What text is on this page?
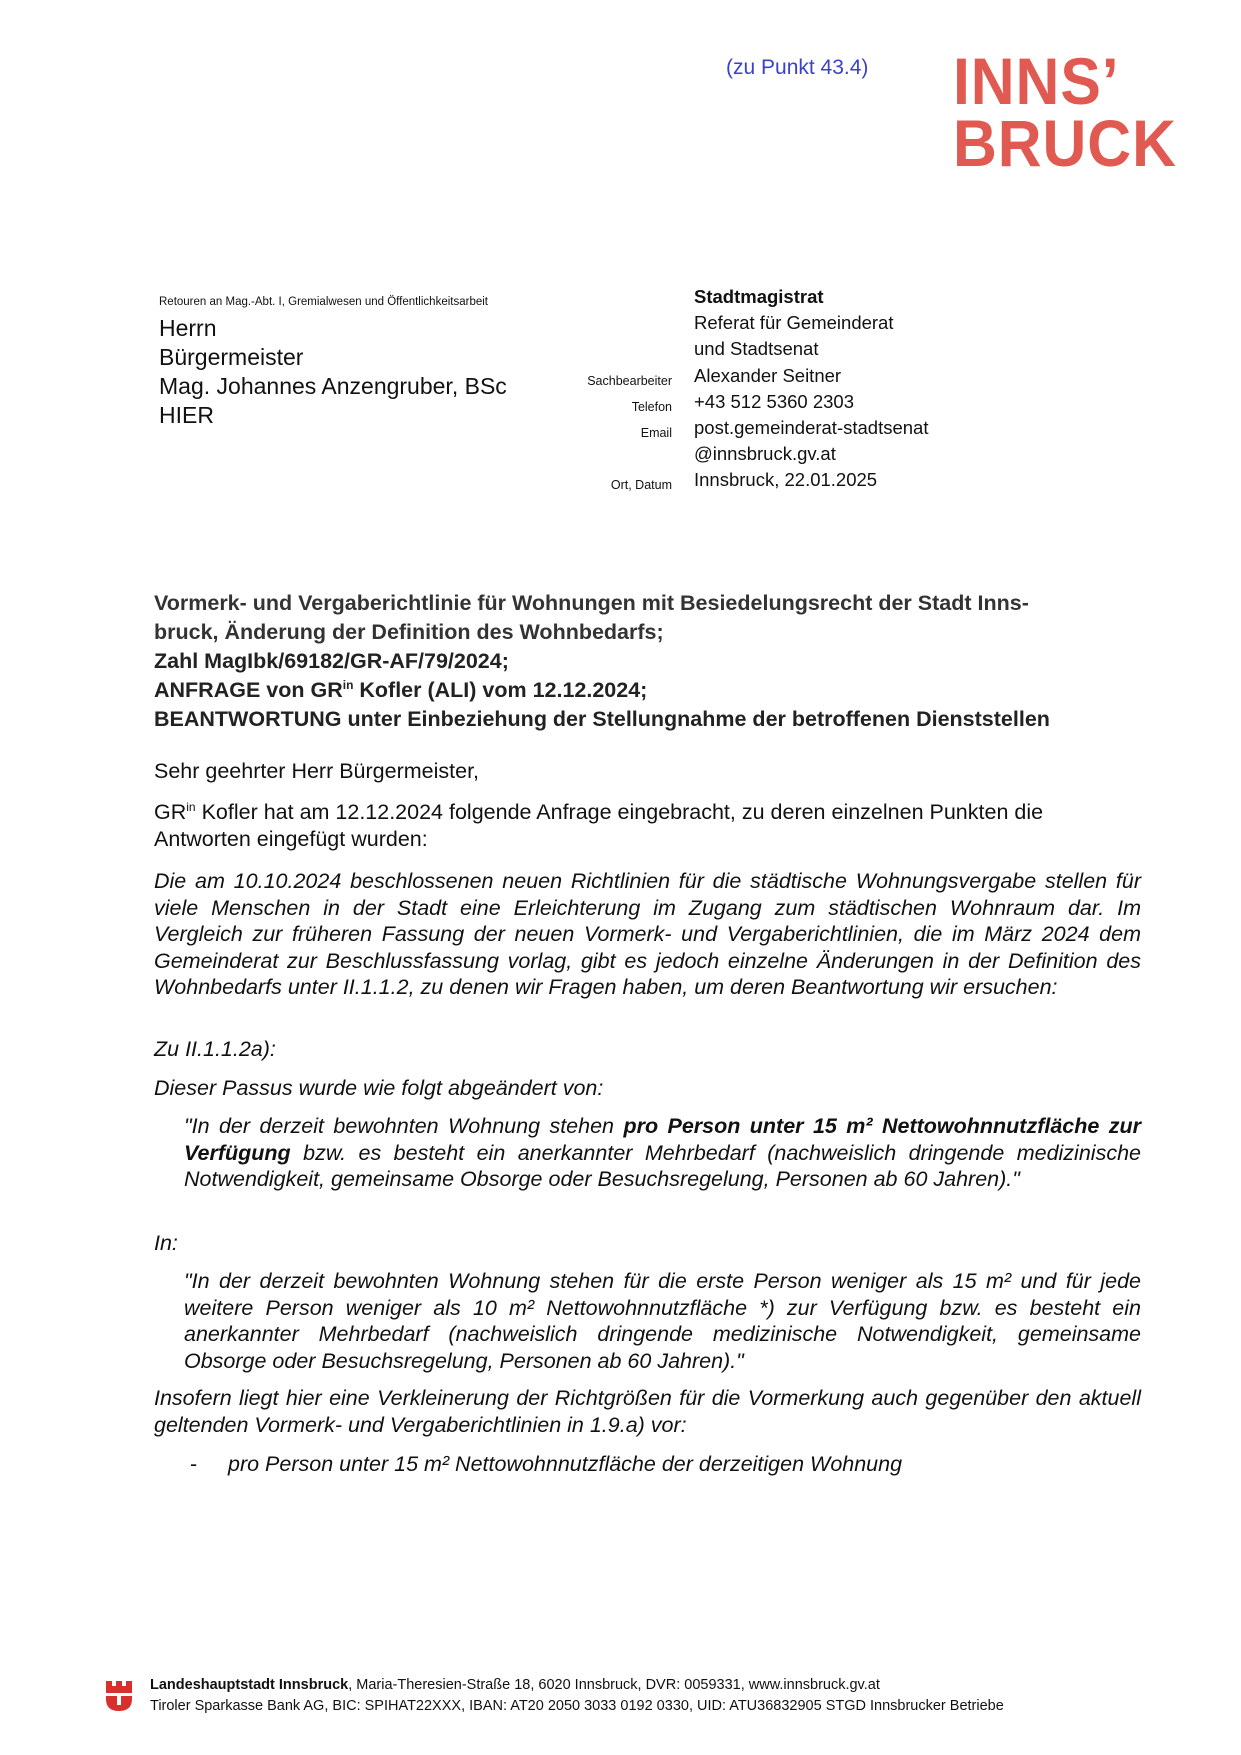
(zu Punkt 43.4) INNS’
BRUCK
Retouren an Mag.-Abt. I, Gremialwesen und Öffentlichkeitsarbeit
Herrn
Bürgermeister
Mag. Johannes Anzengruber, BSc
HIER
Stadtmagistrat
Referat für Gemeinderat
und Stadtsenat
Sachbearbeiter Alexander Seitner
Telefon +43 512 5360 2303
Email post.gemeinderat-stadtsenat
@innsbruck.gv.at
Ort, Datum Innsbruck, 22.01.2025
Vormerk- und Vergaberichtlinie für Wohnungen mit Besiedelungsrecht der Stadt Inns-
bruck, Änderung der Definition des Wohnbedarfs;
Zahl MagIbk/69182/GR-AF/79/2024;
ANFRAGE von $GR^{in}$ Kofler (ALI) vom 12.12.2024;
BEANTWORTUNG unter Einbeziehung der Stellungnahme der betroffenen Dienststellen
Sehr geehrter Herr Bürgermeister,
$GR^{in}$ Kofler hat am 12.12.2024 folgende Anfrage eingebracht, zu deren einzelnen Punkten die Antworten eingefügt wurden:
Die am 10.10.2024 beschlossenen neuen Richtlinien für die städtische Wohnungsvergabe stellen für viele Menschen in der Stadt eine Erleichterung im Zugang zum städtischen Wohnraum dar. Im Vergleich zur früheren Fassung der neuen Vormerk- und Vergaberichtlinien, die im März 2024 dem Gemeinderat zur Beschlussfassung vorlag, gibt es jedoch einzelne Änderungen in der Definition des Wohnbedarfs unter II.1.1.2, zu denen wir Fragen haben, um deren Beantwortung wir ersuchen:
Zu II.1.1.2a):
Dieser Passus wurde wie folgt abgeändert von:
"In der derzeit bewohnten Wohnung stehen pro Person unter 15 m² Nettowohnnutzfläche zur Verfügung bzw. es besteht ein anerkannter Mehrbedarf (nachweislich dringende medizinische Notwendigkeit, gemeinsame Obsorge oder Besuchsregelung, Personen ab 60 Jahren)."
In:
"In der derzeit bewohnten Wohnung stehen für die erste Person weniger als 15 m² und für jede weitere Person weniger als 10 m² Nettowohnnutzfläche *) zur Verfügung bzw. es besteht ein anerkannter Mehrbedarf (nachweislich dringende medizinische Notwendigkeit, gemeinsame Obsorge oder Besuchsregelung, Personen ab 60 Jahren)."
Insofern liegt hier eine Verkleinerung der Richtgrößen für die Vormerkung auch gegenüber den aktuell geltenden Vormerk- und Vergaberichtlinien in 1.9.a) vor:
-	pro Person unter 15 m² Nettowohnnutzfläche der derzeitigen Wohnung
Landeshauptstadt Innsbruck, Maria-Theresien-Straße 18, 6020 Innsbruck, DVR: 0059331, www.innsbruck.gv.at
Tiroler Sparkasse Bank AG, BIC: SPIHAT22XXX, IBAN: AT20 2050 3033 0192 0330, UID: ATU36832905 STGD Innsbrucker Betriebe
